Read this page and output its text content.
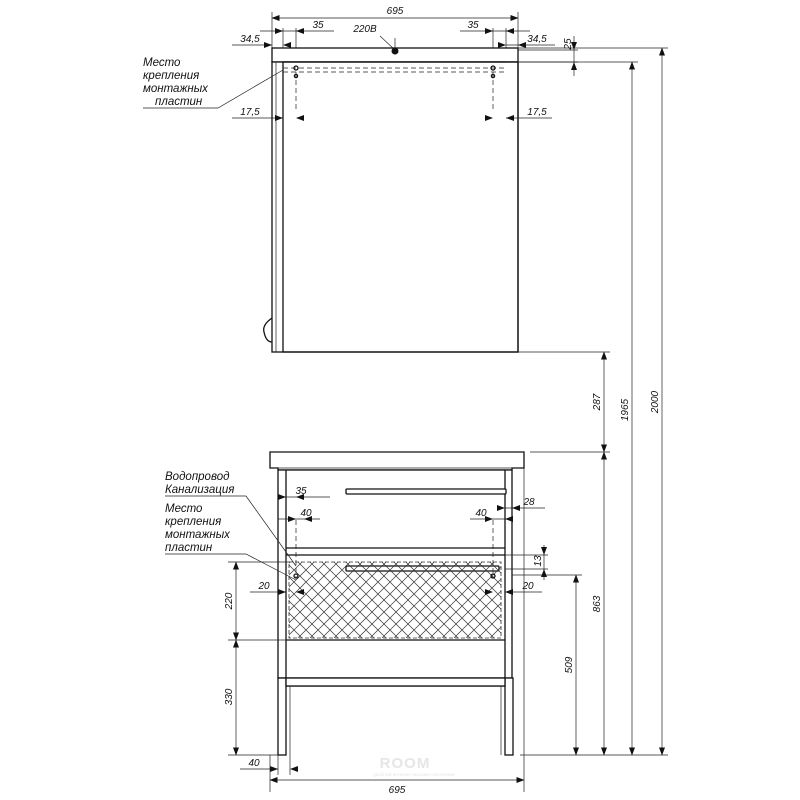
695
35	35
220В
34,5	34,5 25
Место
крепления
монтажных
пластин
17,5	17,5
287 1965 2000
863
509
Водопровод
Канализация
Место
крепления
монтажных
пластин
35
40	40
28
13
20	20
220
330
40
695
ROOM
удобный интернет-магазин сантехники
